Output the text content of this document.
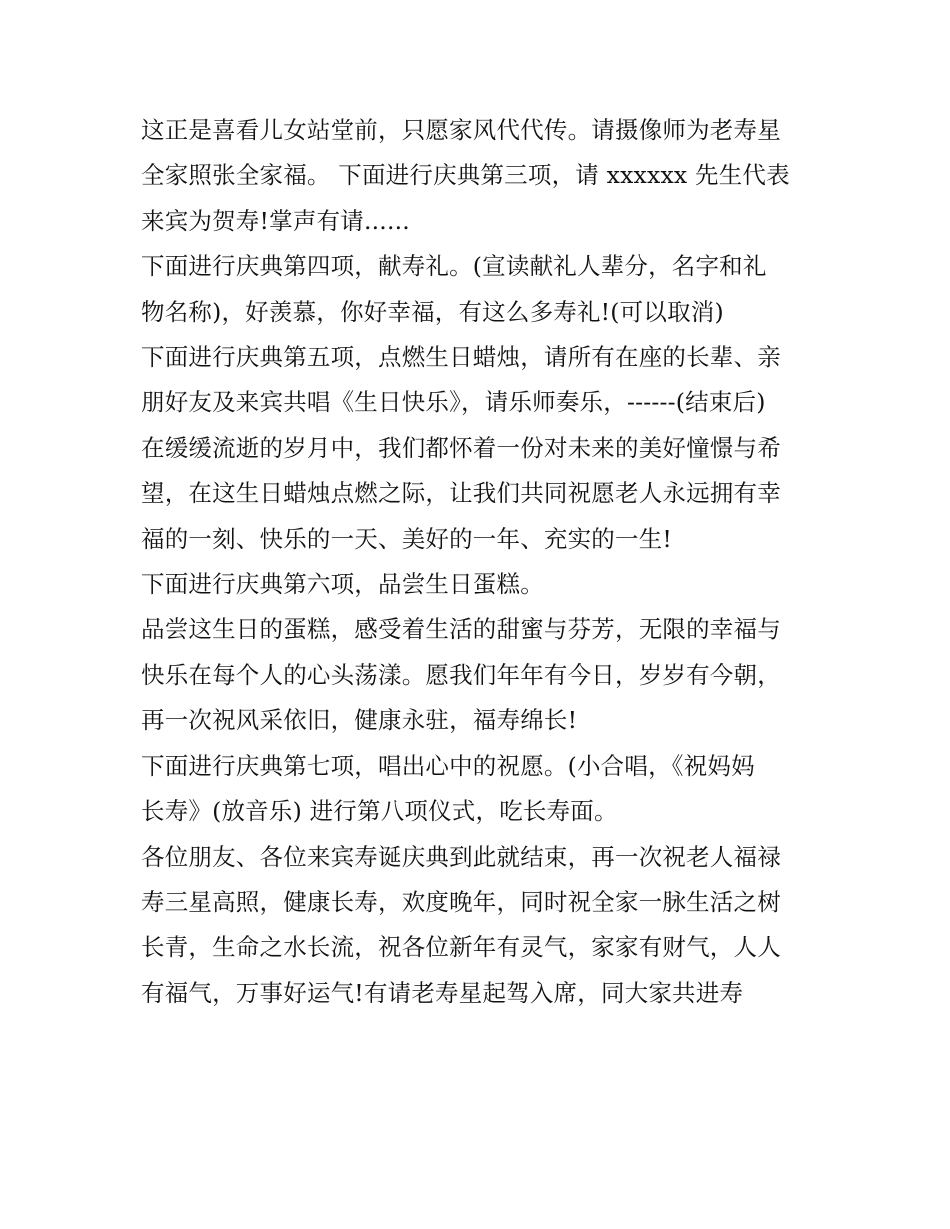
这正是喜看儿女站堂前，只愿家风代代传。请摄像师为老寿星
全家照张全家福。 下面进行庆典第三项，请 xxxxxx 先生代表
来宾为贺寿!掌声有请......

下面进行庆典第四项，献寿礼。(宣读献礼人辈分，名字和礼
物名称)，好羡慕，你好幸福，有这么多寿礼!(可以取消)

下面进行庆典第五项，点燃生日蜡烛，请所有在座的长辈、亲
朋好友及来宾共唱《生日快乐》，请乐师奏乐，------(结束后)

在缓缓流逝的岁月中，我们都怀着一份对未来的美好憧憬与希
望，在这生日蜡烛点燃之际，让我们共同祝愿老人永远拥有幸
福的一刻、快乐的一天、美好的一年、充实的一生!

下面进行庆典第六项，品尝生日蛋糕。

品尝这生日的蛋糕，感受着生活的甜蜜与芬芳，无限的幸福与
快乐在每个人的心头荡漾。愿我们年年有今日，岁岁有今朝，
再一次祝风采依旧，健康永驻，福寿绵长!

下面进行庆典第七项，唱出心中的祝愿。(小合唱，《祝妈妈
长寿》(放音乐) 进行第八项仪式，吃长寿面。

各位朋友、各位来宾寿诞庆典到此就结束，再一次祝老人福禄
寿三星高照，健康长寿，欢度晚年，同时祝全家一脉生活之树
长青，生命之水长流，祝各位新年有灵气，家家有财气，人人
有福气，万事好运气!有请老寿星起驾入席，同大家共进寿
